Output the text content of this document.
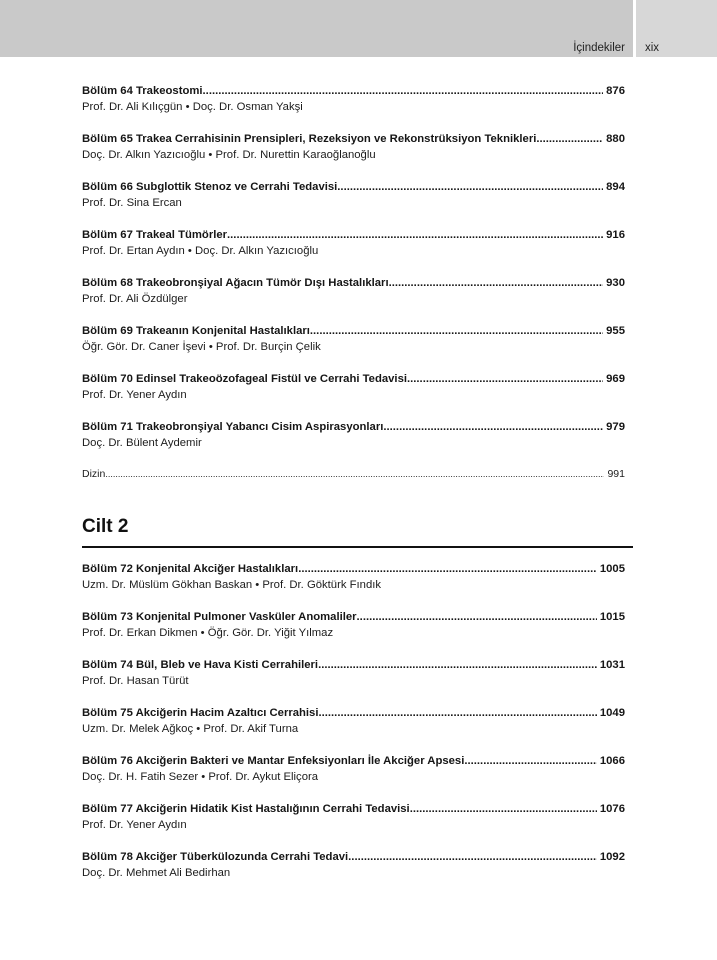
İçindekiler xix
Bölüm 64 Trakeostomi .....	876
Prof. Dr. Ali Kılıçgün • Doç. Dr. Osman Yakşi
Bölüm 65 Trakea Cerrahisinin Prensipleri, Rezeksiyon ve Rekonstrüksiyon Teknikleri .....	880
Doç. Dr. Alkın Yazıcıoğlu • Prof. Dr. Nurettin Karaoğlanoğlu
Bölüm 66 Subglottik Stenoz ve Cerrahi Tedavisi .....	894
Prof. Dr. Sina Ercan
Bölüm 67 Trakeal Tümörler .....	916
Prof. Dr. Ertan Aydın • Doç. Dr. Alkın Yazıcıoğlu
Bölüm 68 Trakeobronşiyal Ağacın Tümör Dışı Hastalıkları .....	930
Prof. Dr. Ali Özdülger
Bölüm 69 Trakeanın Konjenital Hastalıkları .....	955
Öğr. Gör. Dr. Caner İşevi • Prof. Dr. Burçin Çelik
Bölüm 70 Edinsel Trakeoözofageal Fistül ve Cerrahi Tedavisi .....	969
Prof. Dr. Yener Aydın
Bölüm 71 Trakeobronşiyal Yabancı Cisim Aspirasyonları .....	979
Doç. Dr. Bülent Aydemir
Dizin .....	991
Cilt 2
Bölüm 72 Konjenital Akciğer Hastalıkları .....	1005
Uzm. Dr. Müslüm Gökhan Baskan • Prof. Dr. Göktürk Fındık
Bölüm 73 Konjenital Pulmoner Vasküler Anomaliler .....	1015
Prof. Dr. Erkan Dikmen • Öğr. Gör. Dr. Yiğit Yılmaz
Bölüm 74 Bül, Bleb ve Hava Kisti Cerrahileri .....	1031
Prof. Dr. Hasan Türüt
Bölüm 75 Akciğerin Hacim Azaltıcı Cerrahisi .....	1049
Uzm. Dr. Melek Ağkoç • Prof. Dr. Akif Turna
Bölüm 76 Akciğerin Bakteri ve Mantar Enfeksiyonları İle Akciğer Apsesi .....	1066
Doç. Dr. H. Fatih Sezer • Prof. Dr. Aykut Eliçora
Bölüm 77 Akciğerin Hidatik Kist Hastalığının Cerrahi Tedavisi .....	1076
Prof. Dr. Yener Aydın
Bölüm 78 Akciğer Tüberkülozunda Cerrahi Tedavi .....	1092
Doç. Dr. Mehmet Ali Bedirhan
